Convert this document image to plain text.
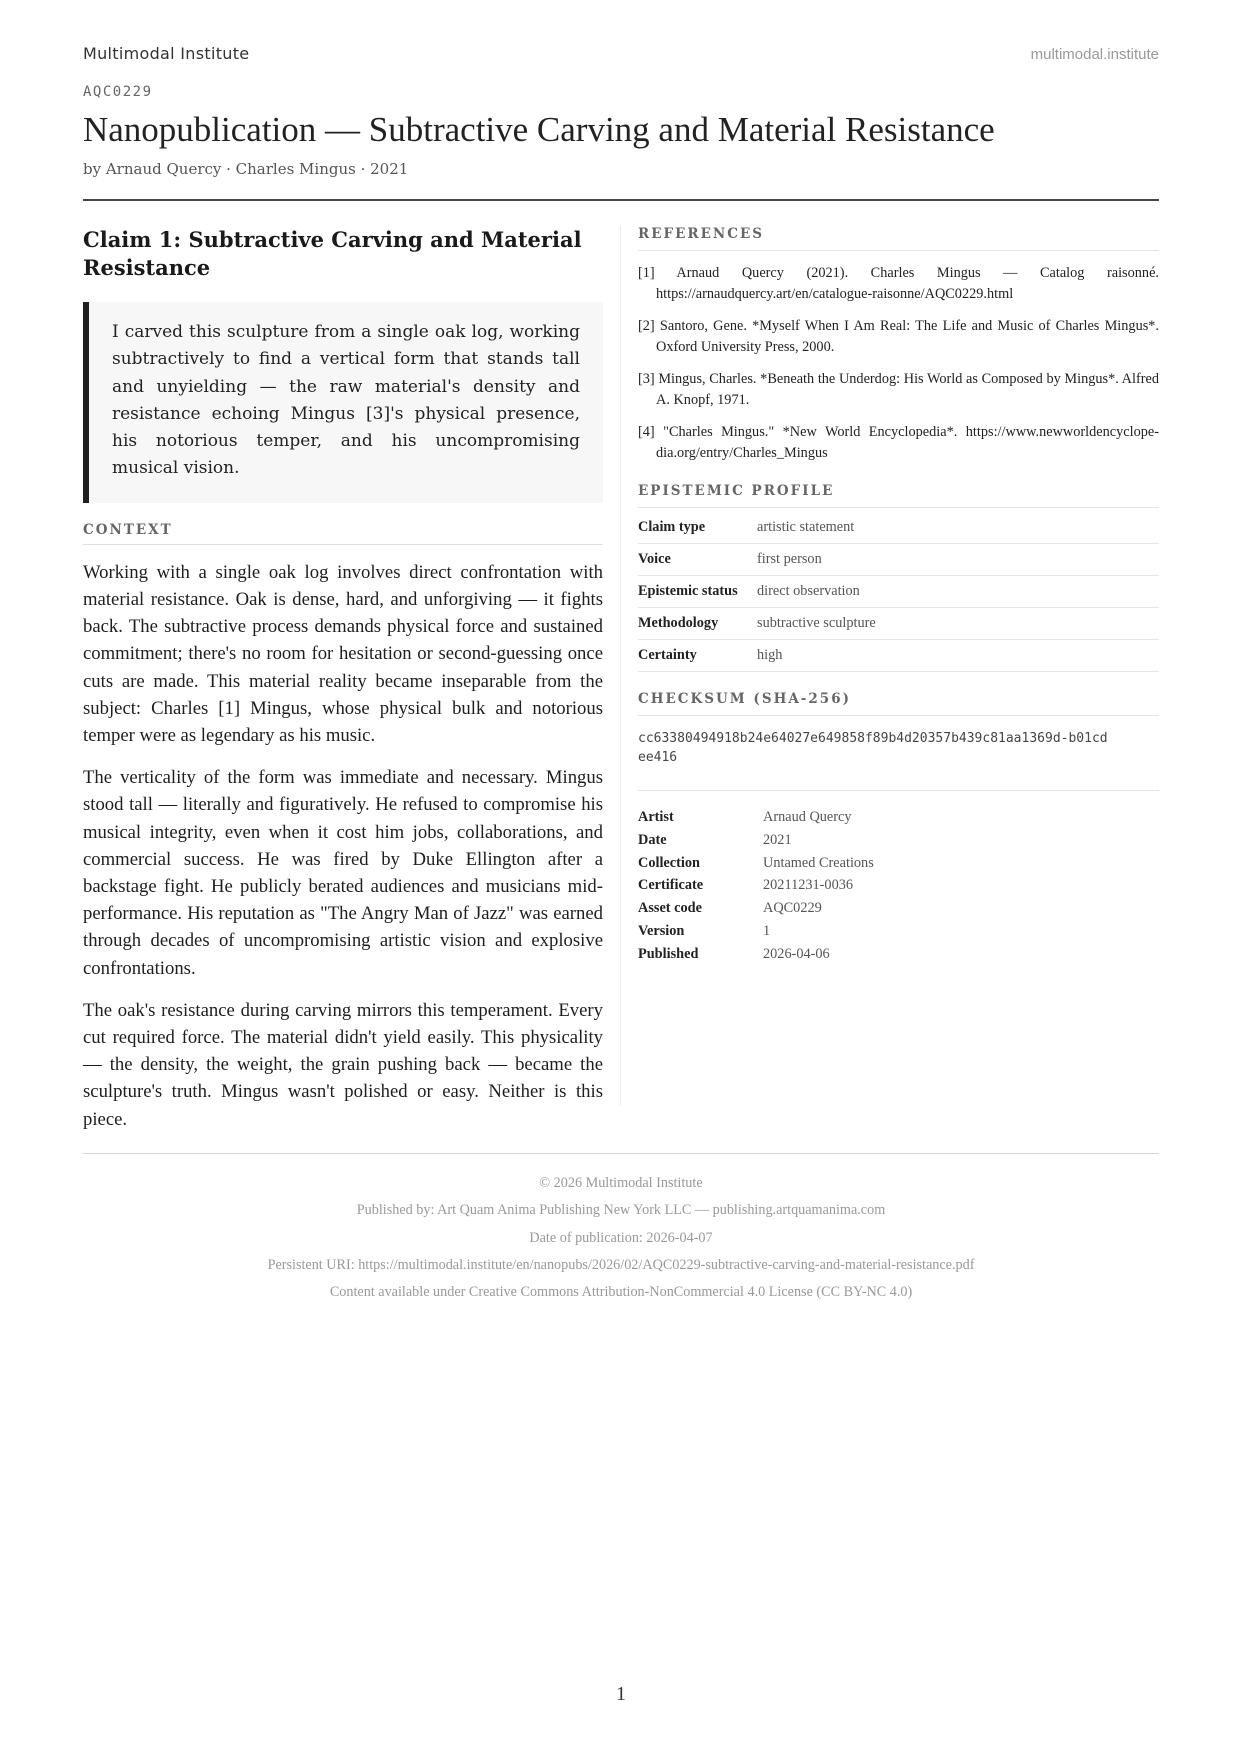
Multimodal Institute	multimodal.institute
AQC0229
Nanopublication — Subtractive Carving and Material Resistance
by Arnaud Quercy · Charles Mingus · 2021
Claim 1: Subtractive Carving and Material Resistance

I carved this sculpture from a single oak log, working subtractively to find a vertical form that stands tall and unyielding — the raw material's density and resistance echoing Mingus [3]'s physical presence, his notorious temper, and his uncompromising musical vision.

CONTEXT

Working with a single oak log involves direct confrontation with material resistance. Oak is dense, hard, and unforgiving — it fights back. The subtractive process demands physical force and sustained commitment; there's no room for hesitation or second-guessing once cuts are made. This material reality became inseparable from the subject: Charles [1] Mingus, whose physical bulk and notorious temper were as legendary as his music.

The verticality of the form was immediate and necessary. Mingus stood tall — literally and figuratively. He refused to compromise his musical integrity, even when it cost him jobs, collaborations, and commercial success. He was fired by Duke Ellington after a backstage fight. He publicly berated audiences and musicians midperformance. His reputation as "The Angry Man of Jazz" was earned through decades of uncompromising artistic vision and explosive confrontations.

The oak's resistance during carving mirrors this temperament. Every cut required force. The material didn't yield easily. This physicality — the density, the weight, the grain pushing back — became the sculpture's truth. Mingus wasn't polished or easy. Neither is this piece.

REFERENCES
[1] Arnaud Quercy (2021). Charles Mingus — Catalog raisonné. https://arnaudquercy.art/en/catalogue-raisonne/AQC0229.html
[2] Santoro, Gene. *Myself When I Am Real: The Life and Music of Charles Mingus*. Oxford University Press, 2000.
[3] Mingus, Charles. *Beneath the Underdog: His World as Composed by Mingus*. Alfred A. Knopf, 1971.
[4] "Charles Mingus." *New World Encyclopedia*. https://www.newworldencyclopedia.org/entry/Charles_Mingus
EPISTEMIC PROFILE
Claim type	artistic statement
Voice	first person
Epistemic status	direct observation
Methodology	subtractive sculpture
Certainty	high
CHECKSUM (SHA-256)
cc63380494918b24e64027e649858f89b4d20357b439c81aa1369d-b01cdee416
Artist	Arnaud Quercy
Date	2021
Collection	Untamed Creations
Certificate	20211231-0036
Asset code	AQC0229
Version	1
Published	2026-04-06
© 2026 Multimodal Institute
Published by: Art Quam Anima Publishing New York LLC — publishing.artquamanima.com
Date of publication: 2026-04-07
Persistent URI: https://multimodal.institute/en/nanopubs/2026/02/AQC0229-subtractive-carving-and-material-resistance.pdf
Content available under Creative Commons Attribution-NonCommercial 4.0 License (CC BY-NC 4.0)
1
